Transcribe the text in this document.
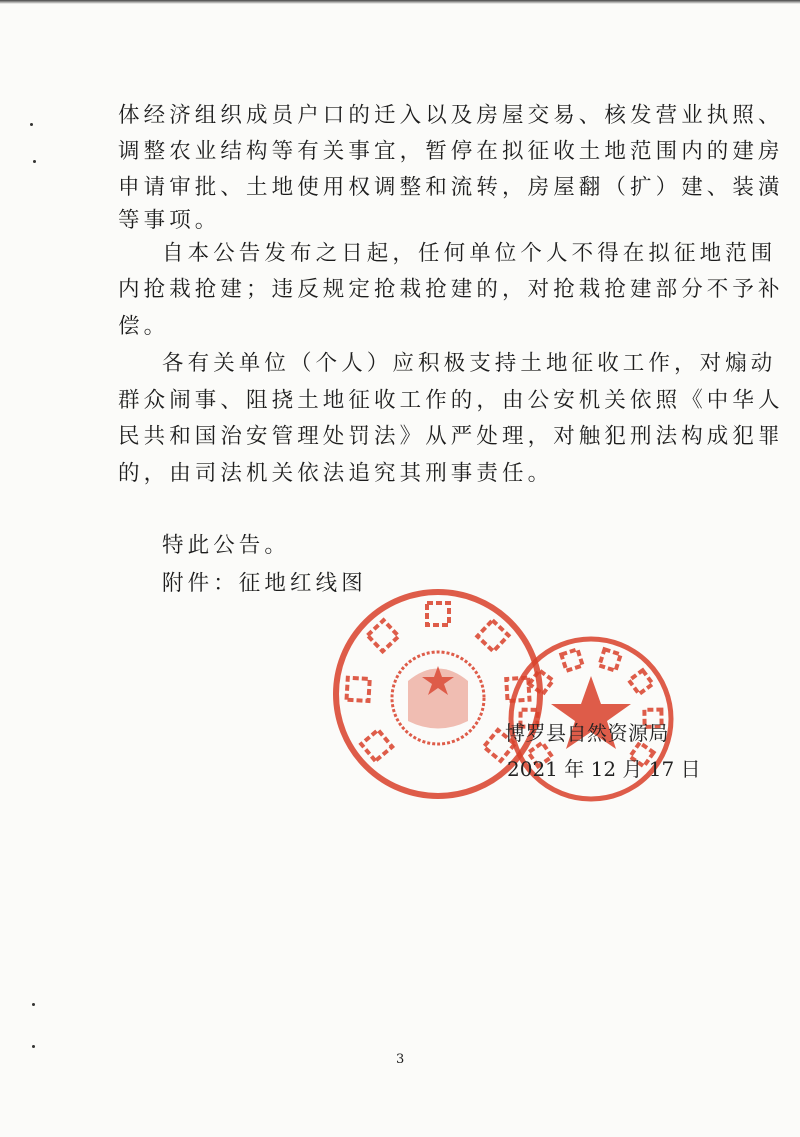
体经济组织成员户口的迁入以及房屋交易、核发营业执照、
调整农业结构等有关事宜，暂停在拟征收土地范围内的建房
申请审批、土地使用权调整和流转，房屋翻（扩）建、装潢
等事项。
自本公告发布之日起，任何单位个人不得在拟征地范围
内抢栽抢建；违反规定抢栽抢建的，对抢栽抢建部分不予补
偿。
各有关单位（个人）应积极支持土地征收工作，对煽动
群众闹事、阻挠土地征收工作的，由公安机关依照《中华人
民共和国治安管理处罚法》从严处理，对触犯刑法构成犯罪
的，由司法机关依法追究其刑事责任。
特此公告。
附件：征地红线图
博罗县自然资源局
2021 年 12 月 17 日
3
